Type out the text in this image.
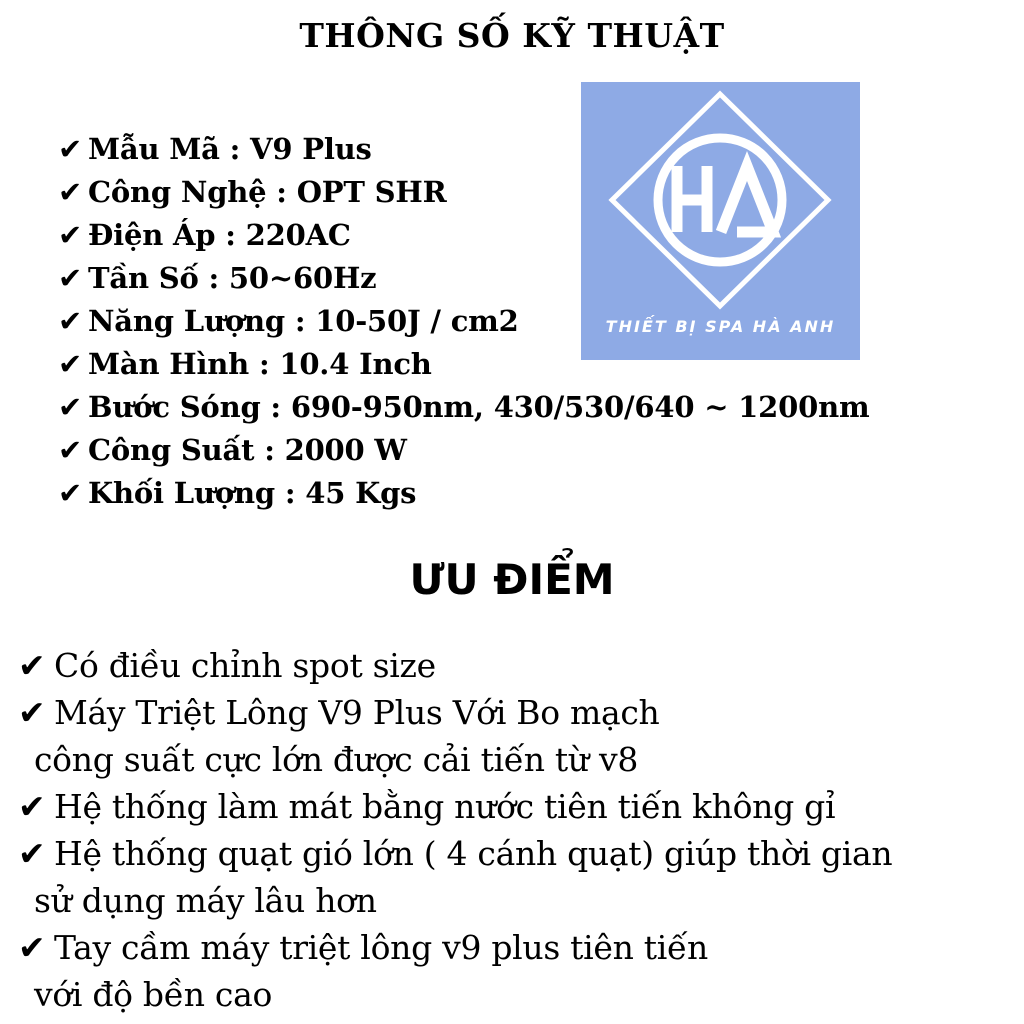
THÔNG SỐ KỸ THUẬT
✔ Mẫu Mã : V9 Plus
✔ Công Nghệ : OPT SHR
✔ Điện Áp : 220AC
✔ Tần Số : 50~60Hz
✔ Năng Lượng : 10-50J / cm2
✔ Màn Hình : 10.4 Inch
✔ Bước Sóng : 690-950nm, 430/530/640 ~ 1200nm
✔ Công Suất : 2000 W
✔ Khối Lượng : 45 Kgs
THIẾT BỊ SPA HÀ ANH
ƯU ĐIỂM
✔ Có điều chỉnh spot size
✔ Máy Triệt Lông V9 Plus Với Bo mạch
công suất cực lớn được cải tiến từ v8
✔ Hệ thống làm mát bằng nước tiên tiến không gỉ
✔ Hệ thống quạt gió lớn ( 4 cánh quạt) giúp thời gian
sử dụng máy lâu hơn
✔ Tay cầm máy triệt lông v9 plus tiên tiến
với độ bền cao
